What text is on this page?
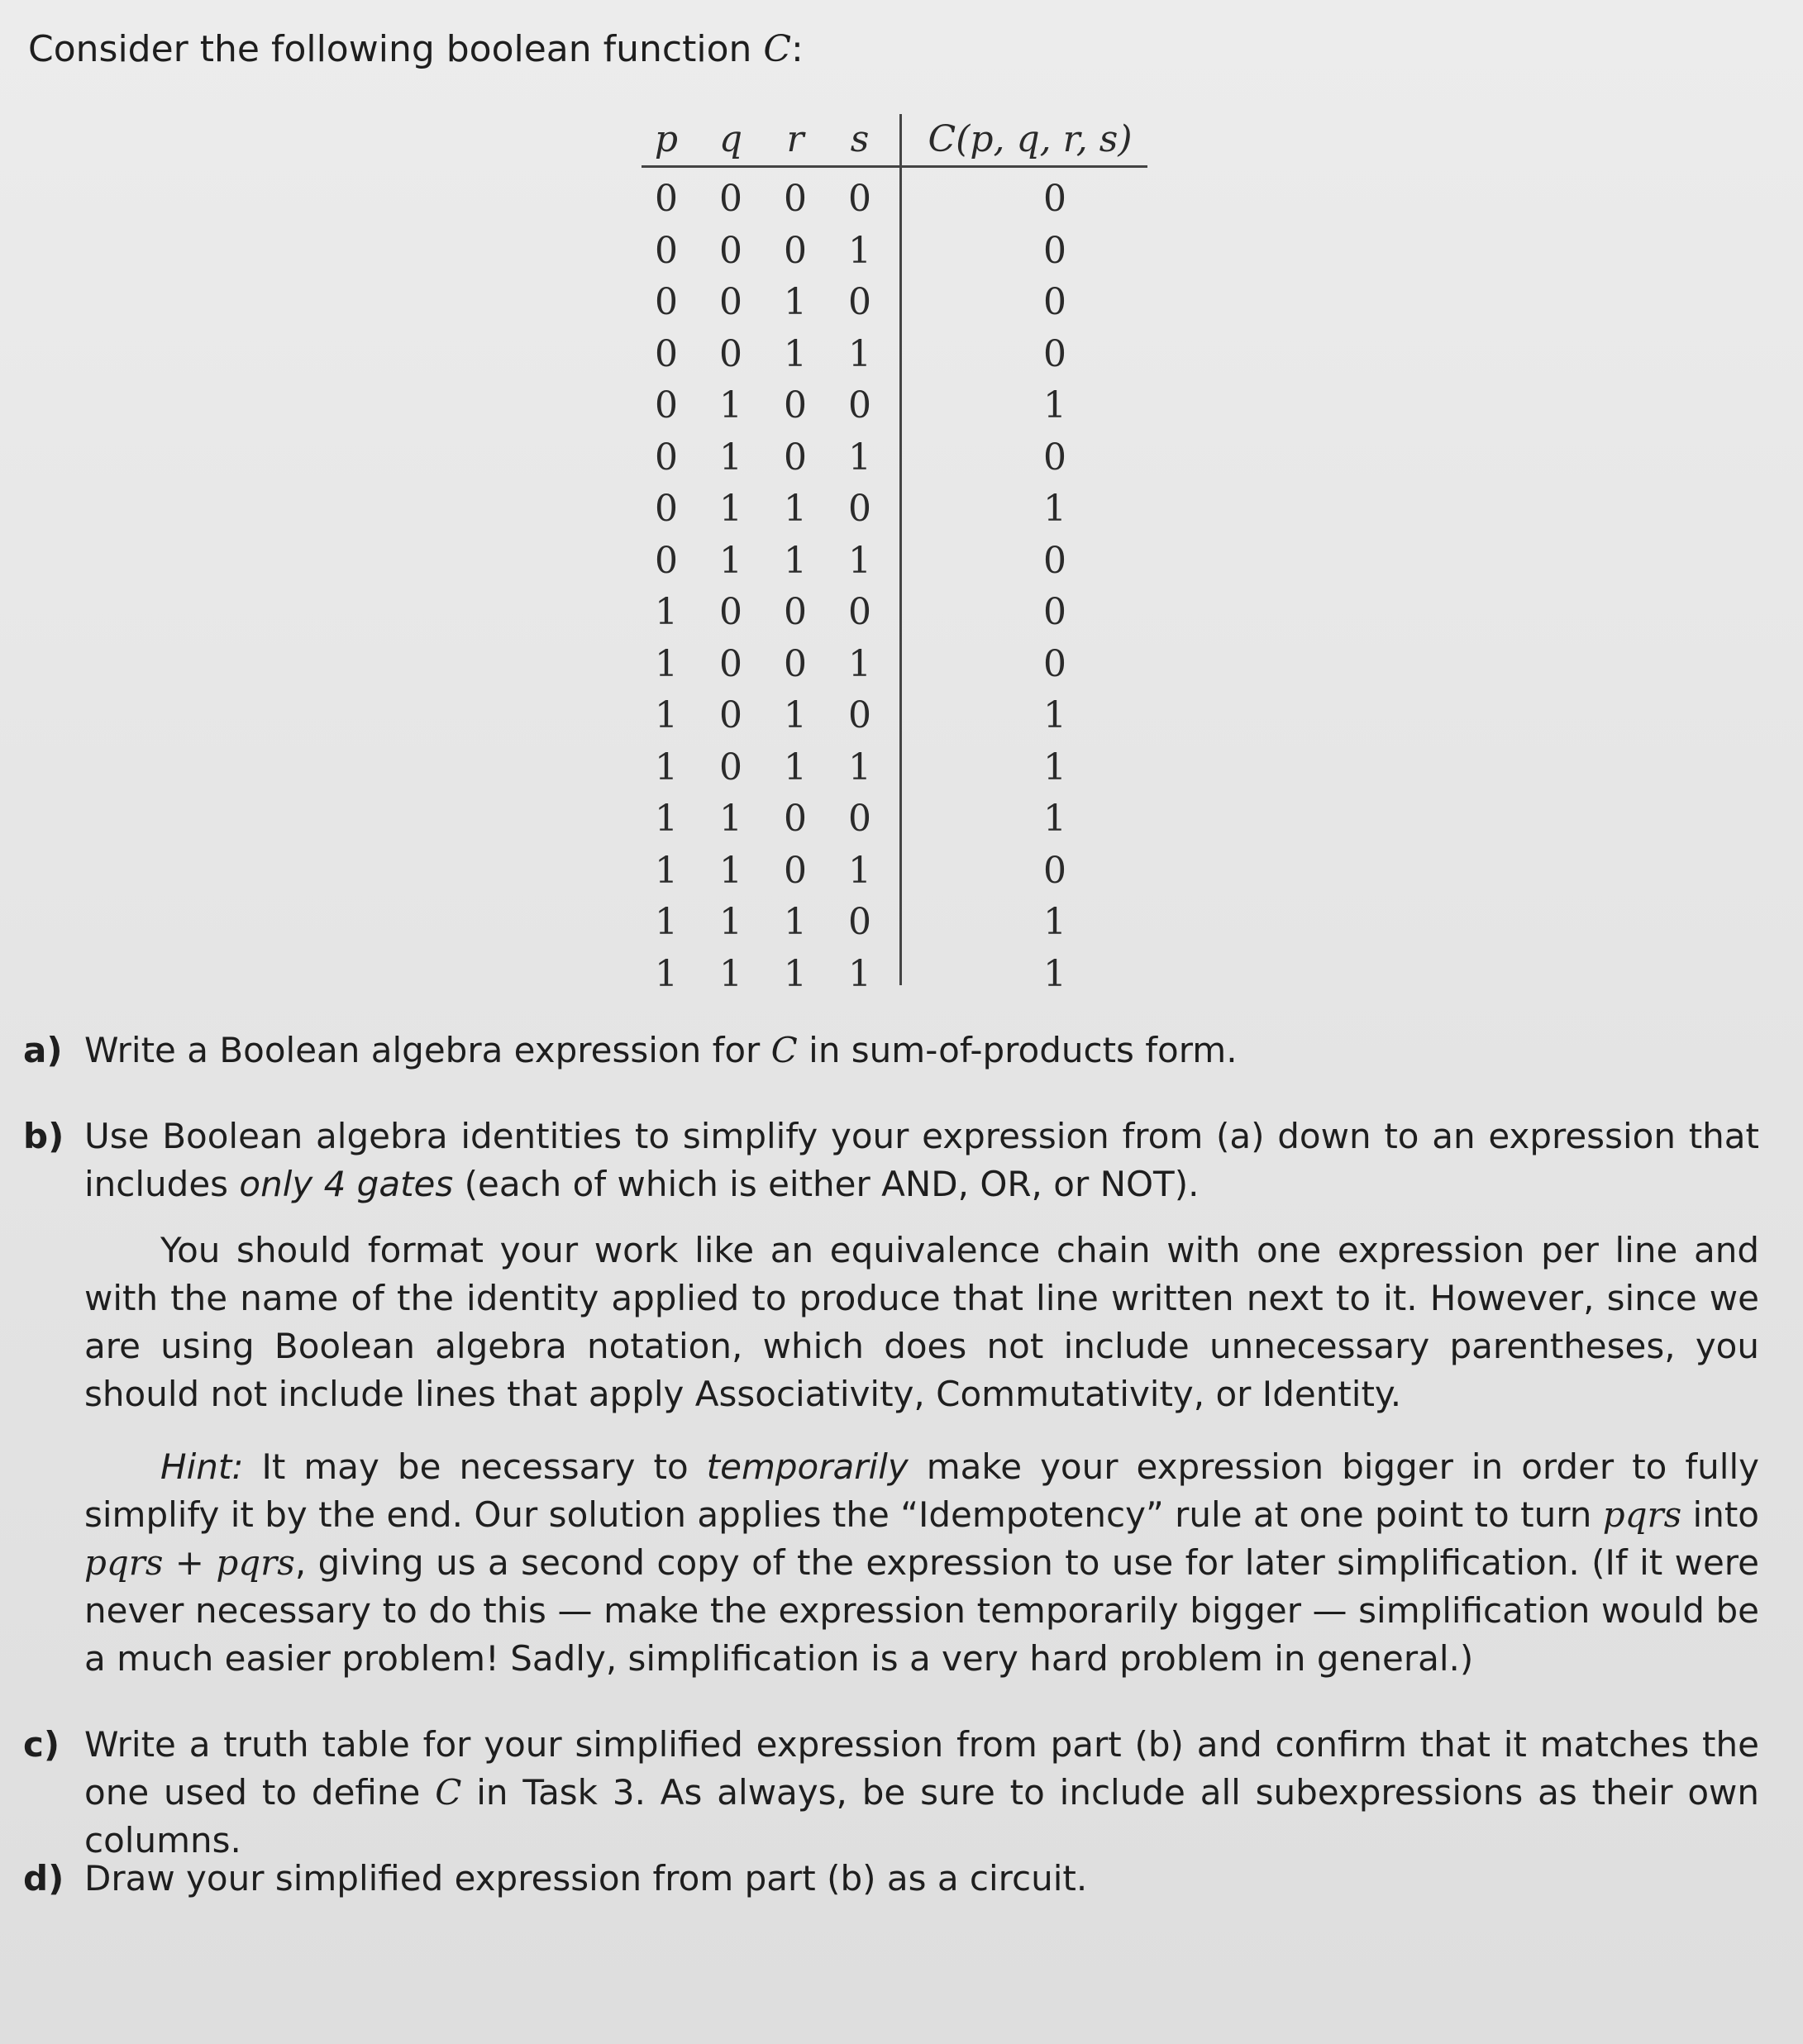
Consider the following boolean function C:
p	q	r	s	C(p, q, r, s)
0	0	0	0	0
0	0	0	1	0
0	0	1	0	0
0	0	1	1	0
0	1	0	0	1
0	1	0	1	0
0	1	1	0	1
0	1	1	1	0
1	0	0	0	0
1	0	0	1	0
1	0	1	0	1
1	0	1	1	1
1	1	0	0	1
1	1	0	1	0
1	1	1	0	1
1	1	1	1	1
a) Write a Boolean algebra expression for C in sum-of-products form.
b) Use Boolean algebra identities to simplify your expression from (a) down to an expression that includes only 4 gates (each of which is either AND, OR, or NOT).
You should format your work like an equivalence chain with one expression per line and with the name of the identity applied to produce that line written next to it. However, since we are using Boolean algebra notation, which does not include unnecessary parentheses, you should not include lines that apply Associativity, Commutativity, or Identity.
Hint: It may be necessary to temporarily make your expression bigger in order to fully simplify it by the end. Our solution applies the “Idempotency” rule at one point to turn pqrs into pqrs + pqrs, giving us a second copy of the expression to use for later simplification. (If it were never necessary to do this — make the expression temporarily bigger — simplification would be a much easier problem! Sadly, simplification is a very hard problem in general.)
c) Write a truth table for your simplified expression from part (b) and confirm that it matches the one used to define C in Task 3. As always, be sure to include all subexpressions as their own columns.
d) Draw your simplified expression from part (b) as a circuit.
